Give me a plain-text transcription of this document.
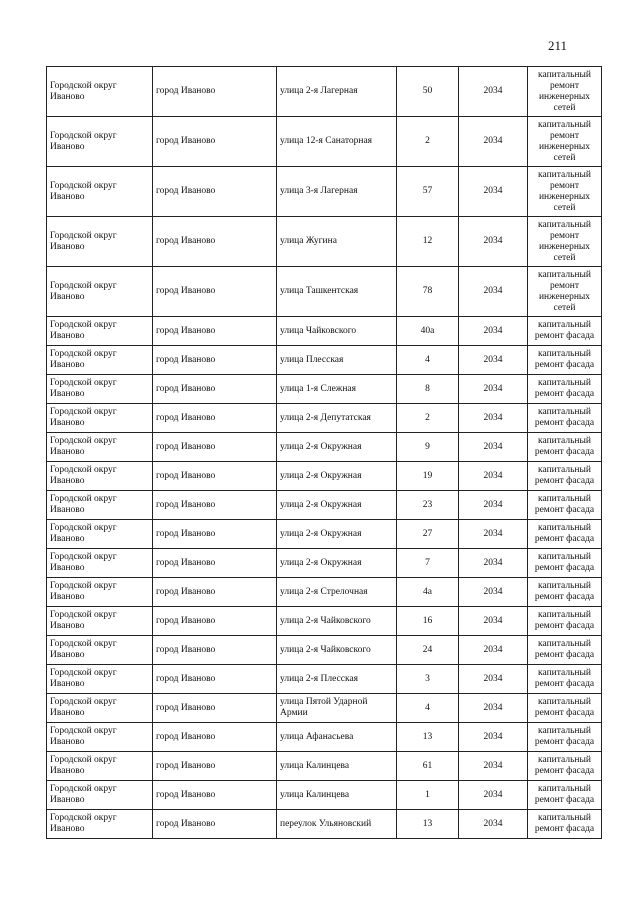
211
Городской округ Иваново	город Иваново	улица 2-я Лагерная	50	2034	капитальный ремонт инженерных сетей
Городской округ Иваново	город Иваново	улица 12-я Санаторная	2	2034	капитальный ремонт инженерных сетей
Городской округ Иваново	город Иваново	улица 3-я Лагерная	57	2034	капитальный ремонт инженерных сетей
Городской округ Иваново	город Иваново	улица Жугина	12	2034	капитальный ремонт инженерных сетей
Городской округ Иваново	город Иваново	улица Ташкентская	78	2034	капитальный ремонт инженерных сетей
Городской округ Иваново	город Иваново	улица Чайковского	40а	2034	капитальный ремонт фасада
Городской округ Иваново	город Иваново	улица Плесская	4	2034	капитальный ремонт фасада
Городской округ Иваново	город Иваново	улица 1-я Слежная	8	2034	капитальный ремонт фасада
Городской округ Иваново	город Иваново	улица 2-я Депутатская	2	2034	капитальный ремонт фасада
Городской округ Иваново	город Иваново	улица 2-я Окружная	9	2034	капитальный ремонт фасада
Городской округ Иваново	город Иваново	улица 2-я Окружная	19	2034	капитальный ремонт фасада
Городской округ Иваново	город Иваново	улица 2-я Окружная	23	2034	капитальный ремонт фасада
Городской округ Иваново	город Иваново	улица 2-я Окружная	27	2034	капитальный ремонт фасада
Городской округ Иваново	город Иваново	улица 2-я Окружная	7	2034	капитальный ремонт фасада
Городской округ Иваново	город Иваново	улица 2-я Стрелочная	4а	2034	капитальный ремонт фасада
Городской округ Иваново	город Иваново	улица 2-я Чайковского	16	2034	капитальный ремонт фасада
Городской округ Иваново	город Иваново	улица 2-я Чайковского	24	2034	капитальный ремонт фасада
Городской округ Иваново	город Иваново	улица 2-я Плесская	3	2034	капитальный ремонт фасада
Городской округ Иваново	город Иваново	улица Пятой Ударной Армии	4	2034	капитальный ремонт фасада
Городской округ Иваново	город Иваново	улица Афанасьева	13	2034	капитальный ремонт фасада
Городской округ Иваново	город Иваново	улица Калинцева	61	2034	капитальный ремонт фасада
Городской округ Иваново	город Иваново	улица Калинцева	1	2034	капитальный ремонт фасада
Городской округ Иваново	город Иваново	переулок Ульяновский	13	2034	капитальный ремонт фасада
